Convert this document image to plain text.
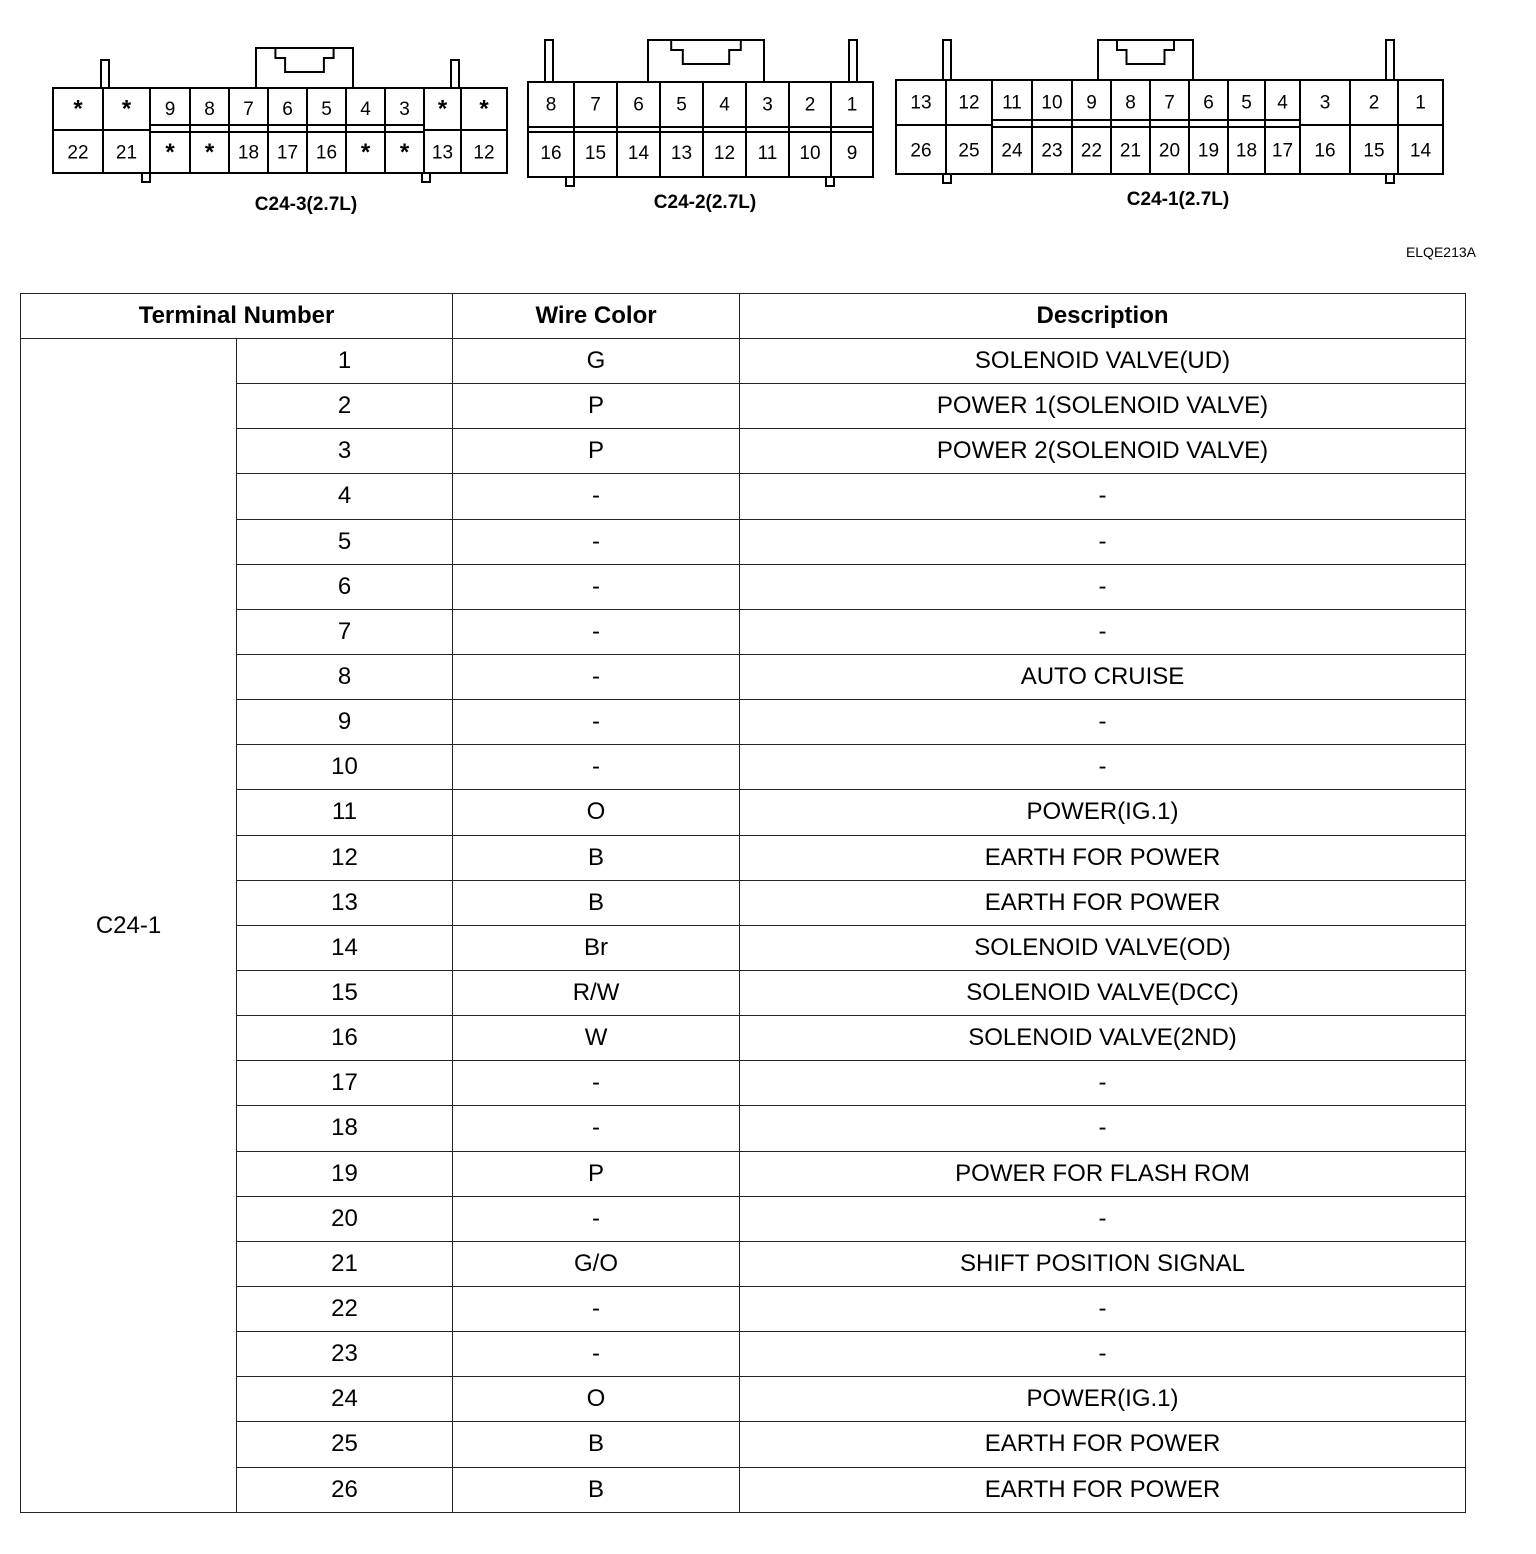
* * 9 8 7 6 5 4 3 * *
22 21 * * 18 17 16 * * 13 12
C24-3(2.7L)
8 7 6 5 4 3 2 1
16 15 14 13 12 11 10 9
C24-2(2.7L)
13 12 11 10 9 8 7 6 5 4 3 2 1
26 25 24 23 22 21 20 19 18 17 16 15 14
C24-1(2.7L)
ELQE213A
Terminal Number		Wire Color	Description
C24-1	1	G	SOLENOID VALVE(UD)
	2	P	POWER 1(SOLENOID VALVE)
	3	P	POWER 2(SOLENOID VALVE)
	4	-	-
	5	-	-
	6	-	-
	7	-	-
	8	-	AUTO CRUISE
	9	-	-
	10	-	-
	11	O	POWER(IG.1)
	12	B	EARTH FOR POWER
	13	B	EARTH FOR POWER
	14	Br	SOLENOID VALVE(OD)
	15	R/W	SOLENOID VALVE(DCC)
	16	W	SOLENOID VALVE(2ND)
	17	-	-
	18	-	-
	19	P	POWER FOR FLASH ROM
	20	-	-
	21	G/O	SHIFT POSITION SIGNAL
	22	-	-
	23	-	-
	24	O	POWER(IG.1)
	25	B	EARTH FOR POWER
	26	B	EARTH FOR POWER
